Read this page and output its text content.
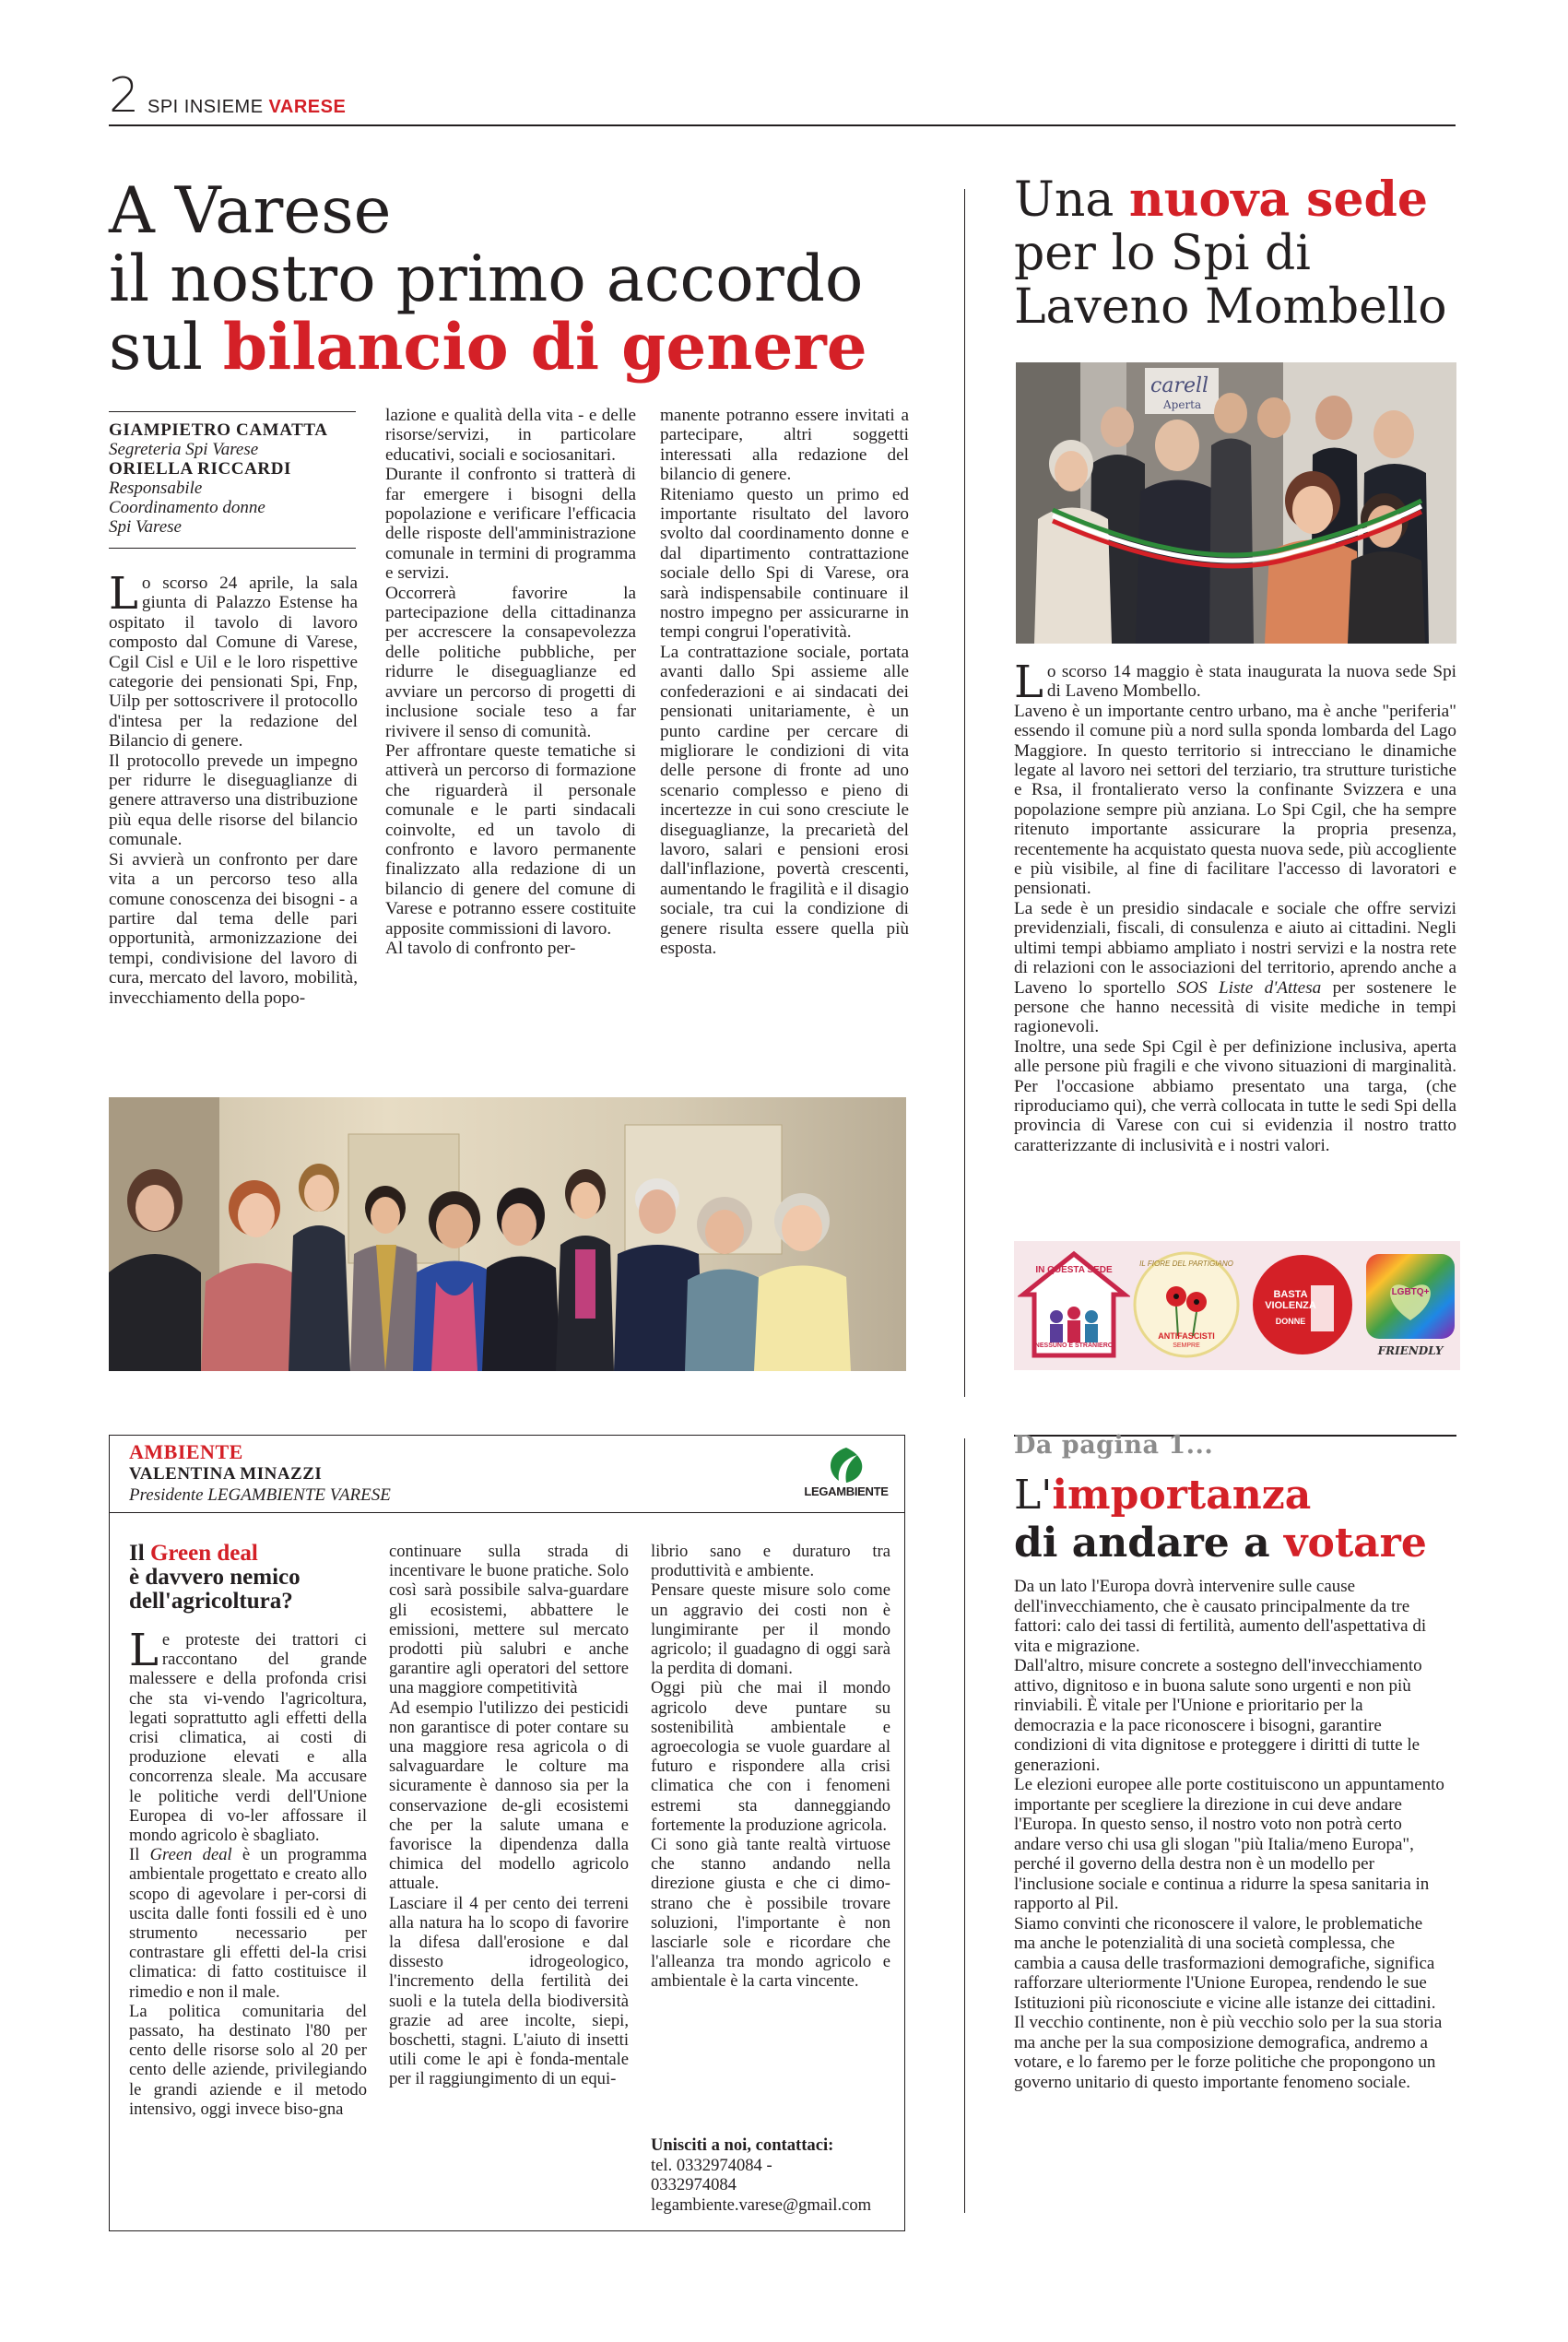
2 SPI INSIEME VARESE
A Varese
il nostro primo accordo
sul bilancio di genere
GIAMPIETRO CAMATTA
Segreteria Spi Varese
ORIELLA RICCARDI
Responsabile
Coordinamento donne
Spi Varese

Lo scorso 24 aprile, la sala giunta di Palazzo Estense ha ospitato il tavolo di lavoro composto dal Comune di Varese, Cgil Cisl e Uil e le loro rispettive categorie dei pensionati Spi, Fnp, Uilp per sottoscrivere il protocollo d'intesa per la redazione del Bilancio di genere.

Il protocollo prevede un impegno per ridurre le diseguaglianze di genere attraverso una distribuzione più equa delle risorse del bilancio comunale.

Si avvierà un confronto per dare vita a un percorso teso alla comune conoscenza dei bisogni - a partire dal tema delle pari opportunità, armonizzazione dei tempi, condivisione del lavoro di cura, mercato del lavoro, mobilità, invecchiamento della popo-

lazione e qualità della vita - e delle risorse/servizi, in particolare educativi, sociali e sociosanitari.

Durante il confronto si tratterà di far emergere i bisogni della popolazione e verificare l'efficacia delle risposte dell'amministrazione comunale in termini di programma e servizi.

Occorrerà favorire la partecipazione della cittadinanza per accrescere la consapevolezza delle politiche pubbliche, per ridurre le diseguaglianze ed avviare un percorso di progetti di inclusione sociale teso a far rivivere il senso di comunità.

Per affrontare queste tematiche si attiverà un percorso di formazione che riguarderà il personale comunale e le parti sindacali coinvolte, ed un tavolo di confronto e lavoro permanente finalizzato alla redazione di un bilancio di genere del comune di Varese e potranno essere costituite apposite commissioni di lavoro.

Al tavolo di confronto per-

manente potranno essere invitati a partecipare, altri soggetti interessati alla redazione del bilancio di genere.

Riteniamo questo un primo ed importante risultato del lavoro svolto dal coordinamento donne e dal dipartimento contrattazione sociale dello Spi di Varese, ora sarà indispensabile continuare il nostro impegno per assicurarne in tempi congrui l'operatività.

La contrattazione sociale, portata avanti dallo Spi assieme alle confederazioni e ai sindacati dei pensionati unitariamente, è un punto cardine per cercare di migliorare le condizioni di vita delle persone di fronte ad uno scenario complesso e pieno di incertezze in cui sono cresciute le diseguaglianze, la precarietà del lavoro, salari e pensioni erosi dall'inflazione, povertà crescenti, aumentando le fragilità e il disagio sociale, tra cui la condizione di genere risulta essere quella più esposta.

Una nuova sede
per lo Spi di
Laveno Mombello
carell
Aperta

Lo scorso 14 maggio è stata inaugurata la nuova sede Spi di Laveno Mombello.

Laveno è un importante centro urbano, ma è anche "periferia" essendo il comune più a nord sulla sponda lombarda del Lago Maggiore. In questo territorio si intrecciano le dinamiche legate al lavoro nei settori del terziario, tra strutture turistiche e Rsa, il frontalierato verso la confinante Svizzera e una popolazione sempre più anziana. Lo Spi Cgil, che ha sempre ritenuto importante assicurare la propria presenza, recentemente ha acquistato questa nuova sede, più accogliente e più visibile, al fine di facilitare l'accesso di lavoratori e pensionati.

La sede è un presidio sindacale e sociale che offre servizi previdenziali, fiscali, di consulenza e aiuto ai cittadini. Negli ultimi tempi abbiamo ampliato i nostri servizi e la nostra rete di relazioni con le associazioni del territorio, aprendo anche a Laveno lo sportello SOS Liste d'Attesa per sostenere le persone che hanno necessità di visite mediche in tempi ragionevoli.

Inoltre, una sede Spi Cgil è per definizione inclusiva, aperta alle persone più fragili e che vivono situazioni di marginalità. Per l'occasione abbiamo presentato una targa, (che riproduciamo qui), che verrà collocata in tutte le sedi Spi della provincia di Varese con cui si evidenzia il nostro tratto caratterizzante di inclusività e i nostri valori.

IN QUESTA SEDE
NESSUNO È STRANIERO
IL FIORE DEL PARTIGIANO
ANTIFASCISTI
SEMPRE
BASTA VIOLENZA
DONNE
LGBTQ+
FRIENDLY
AMBIENTE
VALENTINA MINAZZI
Presidente LEGAMBIENTE VARESE	LEGAMBIENTE
Il Green deal
è davvero nemico
dell'agricoltura?

Le proteste dei trattori ci raccontano del grande malessere e della profonda crisi che sta vi-vendo l'agricoltura, legati soprattutto agli effetti della crisi climatica, ai costi di produzione elevati e alla concorrenza sleale. Ma accusare le politiche verdi dell'Unione Europea di vo-ler affossare il mondo agricolo è sbagliato.

Il Green deal è un programma ambientale progettato e creato allo scopo di agevolare i per-corsi di uscita dalle fonti fossili ed è uno strumento necessario per contrastare gli effetti del-la crisi climatica: di fatto costituisce il rimedio e non il male.

La politica comunitaria del passato, ha destinato l'80 per cento delle risorse solo al 20 per cento delle aziende, privilegiando le grandi aziende e il metodo intensivo, oggi invece biso-gna

continuare sulla strada di incentivare le buone pratiche. Solo così sarà possibile salva-guardare gli ecosistemi, abbattere le emissioni, mettere sul mercato prodotti più salubri e anche garantire agli operatori del settore una maggiore competitività

Ad esempio l'utilizzo dei pesticidi non garantisce di poter contare su una maggiore resa agricola o di salvaguardare le colture ma sicuramente è dannoso sia per la conservazione de-gli ecosistemi che per la salute umana e favorisce la dipendenza dalla chimica del modello agricolo attuale.

Lasciare il 4 per cento dei terreni alla natura ha lo scopo di favorire la difesa dall'erosione e dal dissesto idrogeologico, l'incremento della fertilità dei suoli e la tutela della biodiversità grazie ad aree incolte, siepi, boschetti, stagni. L'aiuto di insetti utili come le api è fonda-mentale per il raggiungimento di un equi-

librio sano e duraturo tra produttività e ambiente.

Pensare queste misure solo come un aggravio dei costi non è lungimirante per il mondo agricolo; il guadagno di oggi sarà la perdita di domani.

Oggi più che mai il mondo agricolo deve puntare su sostenibilità ambientale e agroecologia se vuole guardare al futuro e rispondere alla crisi climatica che con i fenomeni estremi sta danneggiando fortemente la produzione agricola.

Ci sono già tante realtà virtuose che stanno andando nella direzione giusta e che ci dimo-strano che è possibile trovare soluzioni, l'importante è non lasciarle sole e ricordare che l'alleanza tra mondo agricolo e ambientale è la carta vincente.

Unisciti a noi, contattaci:
tel. 0332974084 -
0332974084
legambiente.varese@gmail.com
Da pagina 1...
L'importanza
di andare a votare

Da un lato l'Europa dovrà intervenire sulle cause dell'invecchiamento, che è causato principalmente da tre fattori: calo dei tassi di fertilità, aumento dell'aspettativa di vita e migrazione.

Dall'altro, misure concrete a sostegno dell'invecchiamento attivo, dignitoso e in buona salute sono urgenti e non più rinviabili. È vitale per l'Unione e prioritario per la democrazia e la pace riconoscere i bisogni, garantire condizioni di vita dignitose e proteggere i diritti di tutte le generazioni.

Le elezioni europee alle porte costituiscono un appuntamento importante per scegliere la direzione in cui deve andare l'Europa. In questo senso, il nostro voto non potrà certo andare verso chi usa gli slogan "più Italia/meno Europa", perché il governo della destra non è un modello per l'inclusione sociale e continua a ridurre la spesa sanitaria in rapporto al Pil.

Siamo convinti che riconoscere il valore, le problematiche ma anche le potenzialità di una società complessa, che cambia a causa delle trasformazioni demografiche, significa rafforzare ulteriormente l'Unione Europea, rendendo le sue Istituzioni più riconosciute e vicine alle istanze dei cittadini.

Il vecchio continente, non è più vecchio solo per la sua storia ma anche per la sua composizione demografica, andremo a votare, e lo faremo per le forze politiche che propongono un governo unitario di questo importante fenomeno sociale.
